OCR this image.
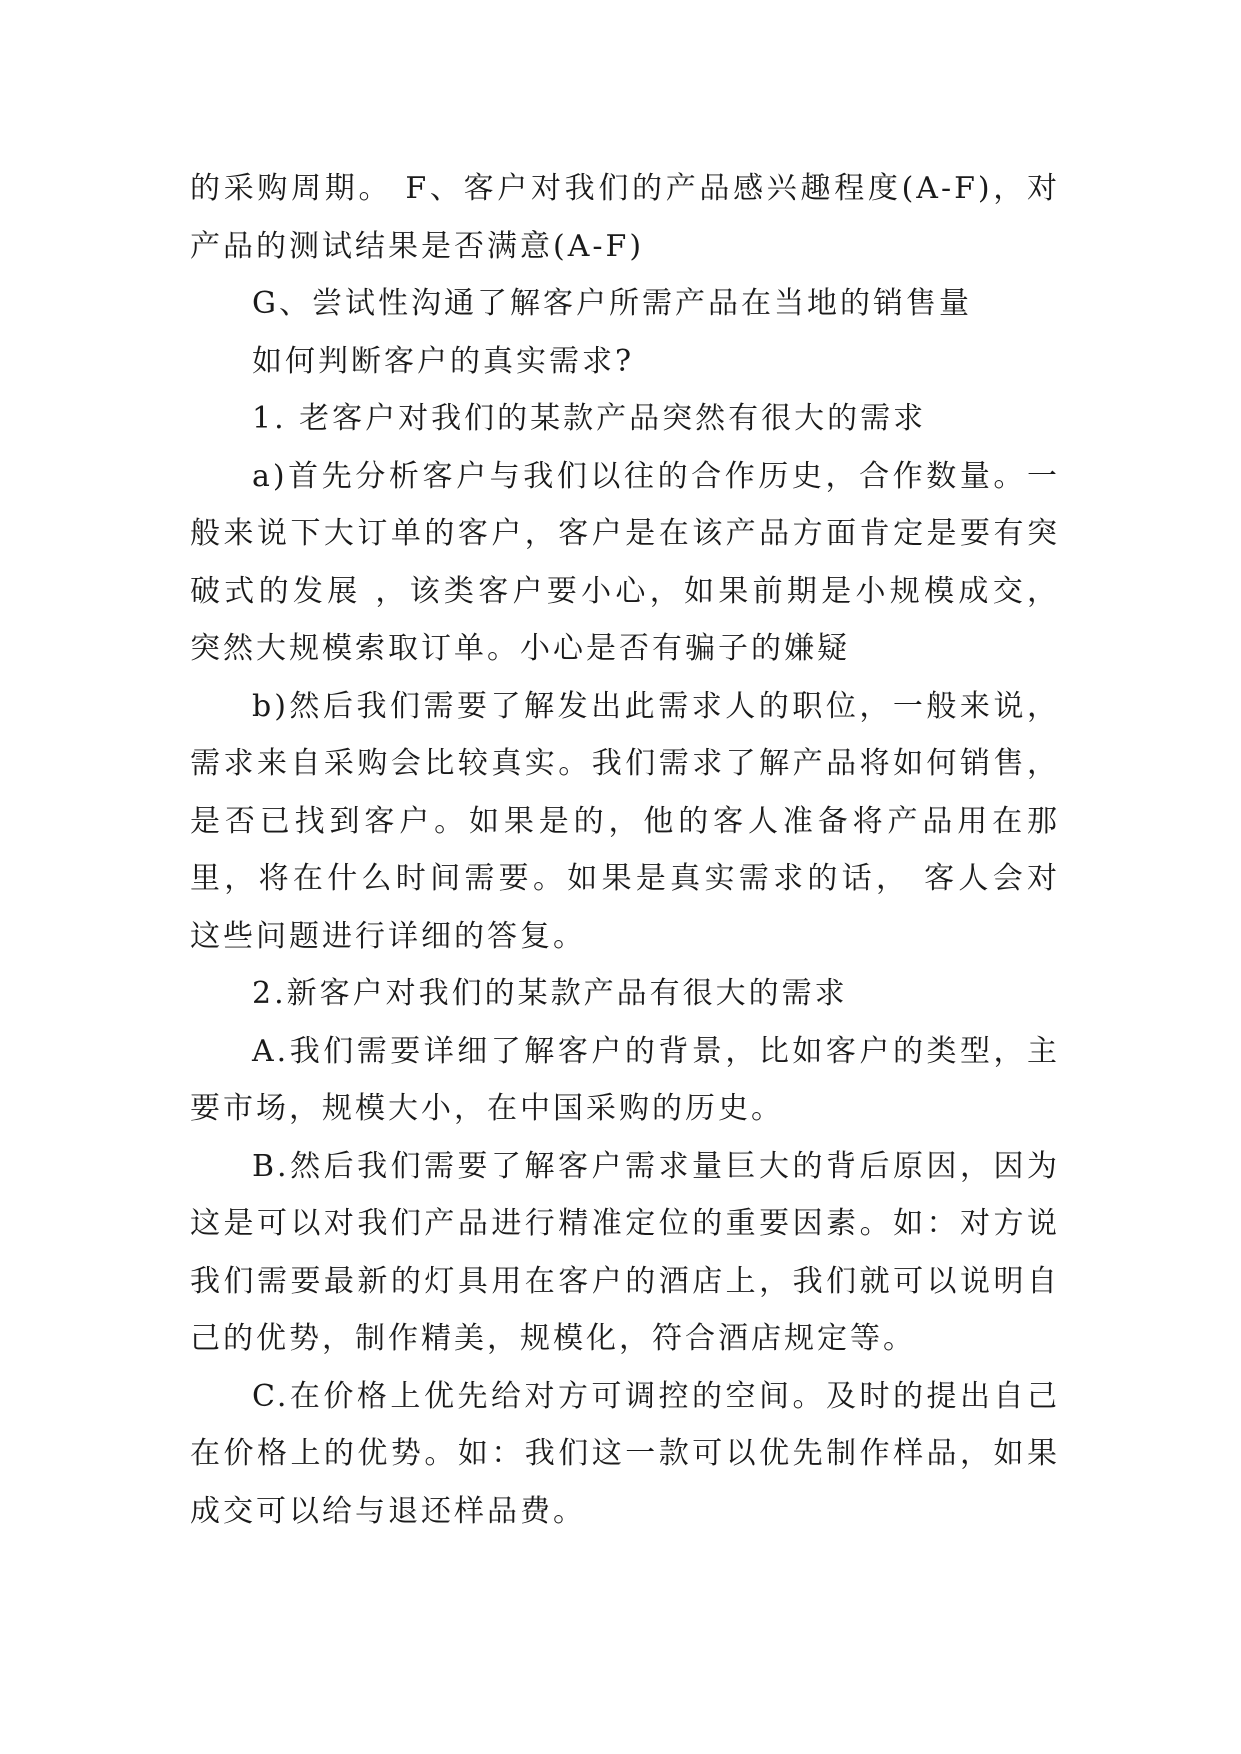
的采购周期。 F、客户对我们的产品感兴趣程度(A-F)，对产品的测试结果是否满意(A-F)

G、尝试性沟通了解客户所需产品在当地的销售量

如何判断客户的真实需求?

1. 老客户对我们的某款产品突然有很大的需求

a)首先分析客户与我们以往的合作历史，合作数量。一般来说下大订单的客户，客户是在该产品方面肯定是要有突破式的发展 ，该类客户要小心，如果前期是小规模成交，突然大规模索取订单。小心是否有骗子的嫌疑

b)然后我们需要了解发出此需求人的职位，一般来说，需求来自采购会比较真实。我们需求了解产品将如何销售，是否已找到客户。如果是的，他的客人准备将产品用在那里，将在什么时间需要。如果是真实需求的话， 客人会对这些问题进行详细的答复。

2.新客户对我们的某款产品有很大的需求

A.我们需要详细了解客户的背景，比如客户的类型，主要市场，规模大小，在中国采购的历史。

B.然后我们需要了解客户需求量巨大的背后原因，因为这是可以对我们产品进行精准定位的重要因素。如：对方说我们需要最新的灯具用在客户的酒店上，我们就可以说明自己的优势，制作精美，规模化，符合酒店规定等。

C.在价格上优先给对方可调控的空间。及时的提出自己在价格上的优势。如：我们这一款可以优先制作样品，如果成交可以给与退还样品费。
